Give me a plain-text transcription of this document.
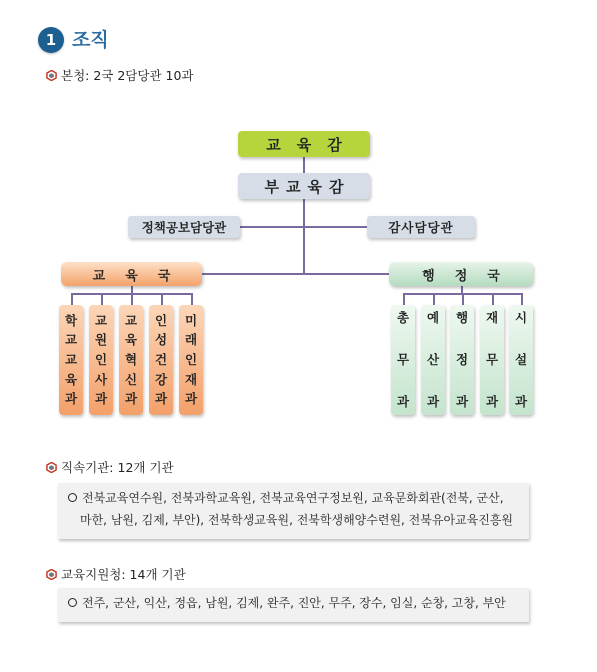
1 조직
본청: 2국 2담당관 10과
교육감
부교육감
정책공보담당관	감사담당관
교육국	행정국
학
교
교
육
과
교
원
인
사
과
교
육
혁
신
과
인
성
건
강
과
미
래
인
재
과
총
무
과
예
산
과
행
정
과
재
무
과
시
설
과
직속기관: 12개 기관
전북교육연수원, 전북과학교육원, 전북교육연구정보원, 교육문화회관(전북, 군산,
마한, 남원, 김제, 부안), 전북학생교육원, 전북학생해양수련원, 전북유아교육진흥원
교육지원청: 14개 기관
전주, 군산, 익산, 정읍, 남원, 김제, 완주, 진안, 무주, 장수, 임실, 순창, 고창, 부안
